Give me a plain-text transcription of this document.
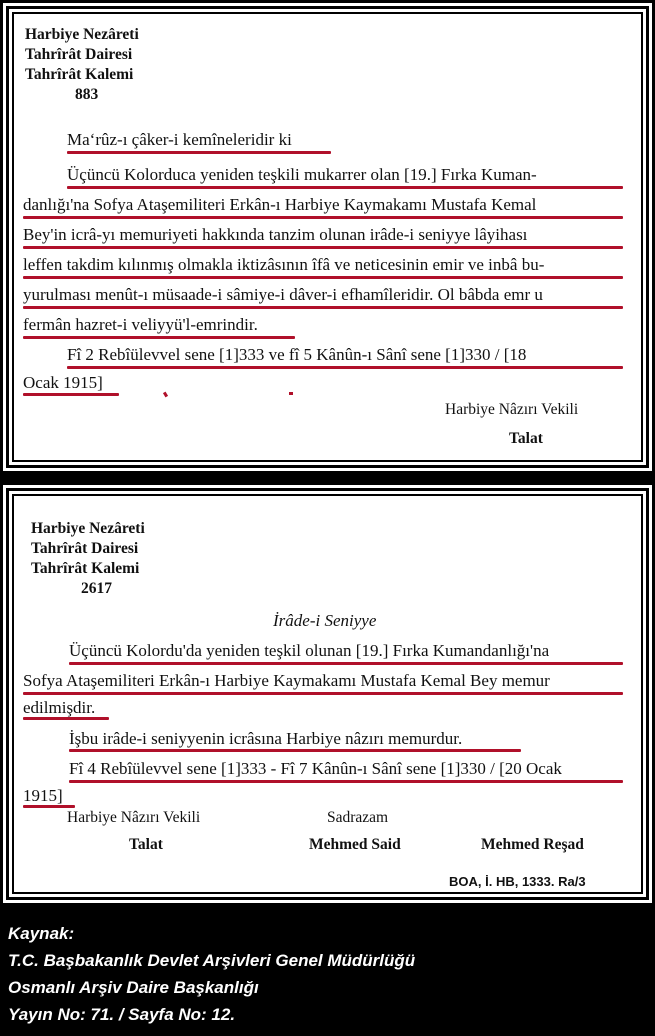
Harbiye Nezâreti
Tahrîrât Dairesi
Tahrîrât Kalemi
883
Ma‘rûz-ı çâker-i kemîneleridir ki
Üçüncü Kolorduca yeniden teşkili mukarrer olan [19.] Fırka Kuman-
danlığı'na Sofya Ataşemiliteri Erkân-ı Harbiye Kaymakamı Mustafa Kemal
Bey'in icrâ-yı memuriyeti hakkında tanzim olunan irâde-i seniyye lâyihası
leffen takdim kılınmış olmakla iktizâsının îfâ ve neticesinin emir ve inbâ bu-
yurulması menût-ı müsaade-i sâmiye-i dâver-i efhamîleridir. Ol bâbda emr u
fermân hazret-i veliyyü'l-emrindir.
Fî 2 Rebîülevvel sene [1]333 ve fî 5 Kânûn-ı Sânî sene [1]330 / [18
Ocak 1915]
Harbiye Nâzırı Vekili
Talat
Harbiye Nezâreti
Tahrîrât Dairesi
Tahrîrât Kalemi
2617
İrâde-i Seniyye
Üçüncü Kolordu'da yeniden teşkil olunan [19.] Fırka Kumandanlığı'na
Sofya Ataşemiliteri Erkân-ı Harbiye Kaymakamı Mustafa Kemal Bey memur
edilmişdir.
İşbu irâde-i seniyyenin icrâsına Harbiye nâzırı memurdur.
Fî 4 Rebîülevvel sene [1]333 - Fî 7 Kânûn-ı Sânî sene [1]330 / [20 Ocak
1915]
Harbiye Nâzırı Vekili	Sadrazam
Talat	Mehmed Said	Mehmed Reşad
BOA, İ. HB, 1333. Ra/3
Kaynak:
T.C. Başbakanlık Devlet Arşivleri Genel Müdürlüğü
Osmanlı Arşiv Daire Başkanlığı
Yayın No: 71. / Sayfa No: 12.
